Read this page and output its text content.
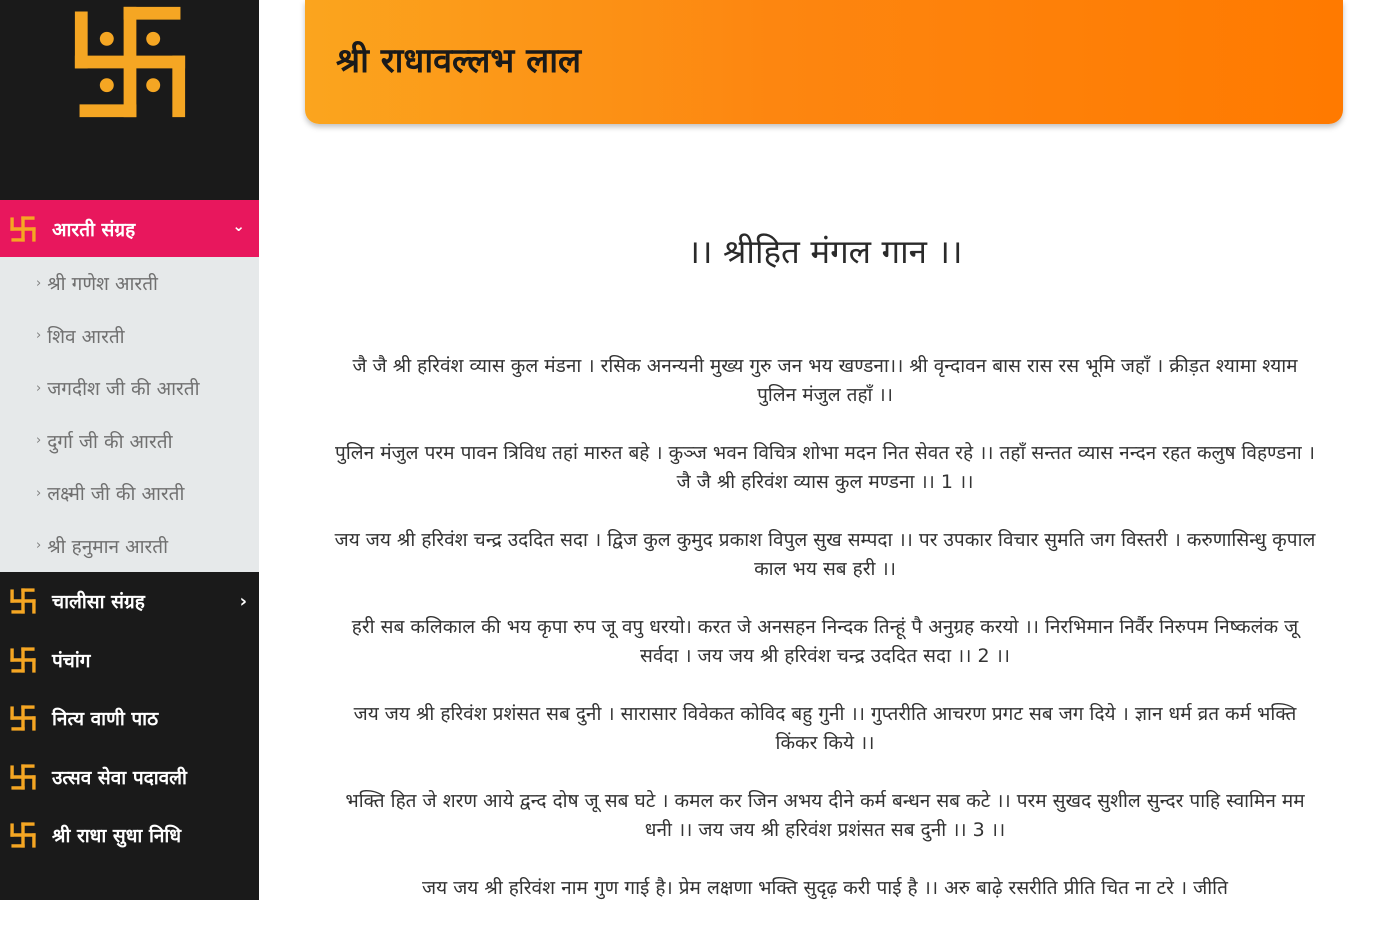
आरती संग्रह	⌄
› श्री गणेश आरती
› शिव आरती
› जगदीश जी की आरती
› दुर्गा जी की आरती
› लक्ष्मी जी की आरती
› श्री हनुमान आरती
चालीसा संग्रह	›
पंचांग
नित्य वाणी पाठ
उत्सव सेवा पदावली
श्री राधा सुधा निधि
श्री राधावल्लभ लाल
।। श्रीहित मंगल गान ।।

जै जै श्री हरिवंश व्यास कुल मंडना । रसिक अनन्यनी मुख्य गुरु जन भय खण्डना।। श्री वृन्दावन बास रास रस भूमि जहाँ । क्रीड़त श्यामा श्याम पुलिन मंजुल तहाँ ।।

पुलिन मंजुल परम पावन त्रिविध तहां मारुत बहे । कुञ्ज भवन विचित्र शोभा मदन नित सेवत रहे ।। तहाँ सन्तत व्यास नन्दन रहत कलुष विहण्डना । जै जै श्री हरिवंश व्यास कुल मण्डना ।। 1 ।।

जय जय श्री हरिवंश चन्द्र उददित सदा । द्विज कुल कुमुद प्रकाश विपुल सुख सम्पदा ।। पर उपकार विचार सुमति जग विस्तरी । करुणासिन्धु कृपाल काल भय सब हरी ।।

हरी सब कलिकाल की भय कृपा रुप जू वपु धरयो। करत जे अनसहन निन्दक तिन्हूं पै अनुग्रह करयो ।। निरभिमान निर्वैर निरुपम निष्कलंक जू सर्वदा । जय जय श्री हरिवंश चन्द्र उददित सदा ।। 2 ।।

जय जय श्री हरिवंश प्रशंसत सब दुनी । सारासार विवेकत कोविद बहु गुनी ।। गुप्तरीति आचरण प्रगट सब जग दिये । ज्ञान धर्म व्रत कर्म भक्ति किंकर किये ।।

भक्ति हित जे शरण आये द्वन्द दोष जू सब घटे । कमल कर जिन अभय दीने कर्म बन्धन सब कटे ।। परम सुखद सुशील सुन्दर पाहि स्वामिन मम धनी ।। जय जय श्री हरिवंश प्रशंसत सब दुनी ।। 3 ।।

जय जय श्री हरिवंश नाम गुण गाई है। प्रेम लक्षणा भक्ति सुदृढ़ करी पाई है ।। अरु बाढ़े रसरीति प्रीति चित ना टरे । जीति
